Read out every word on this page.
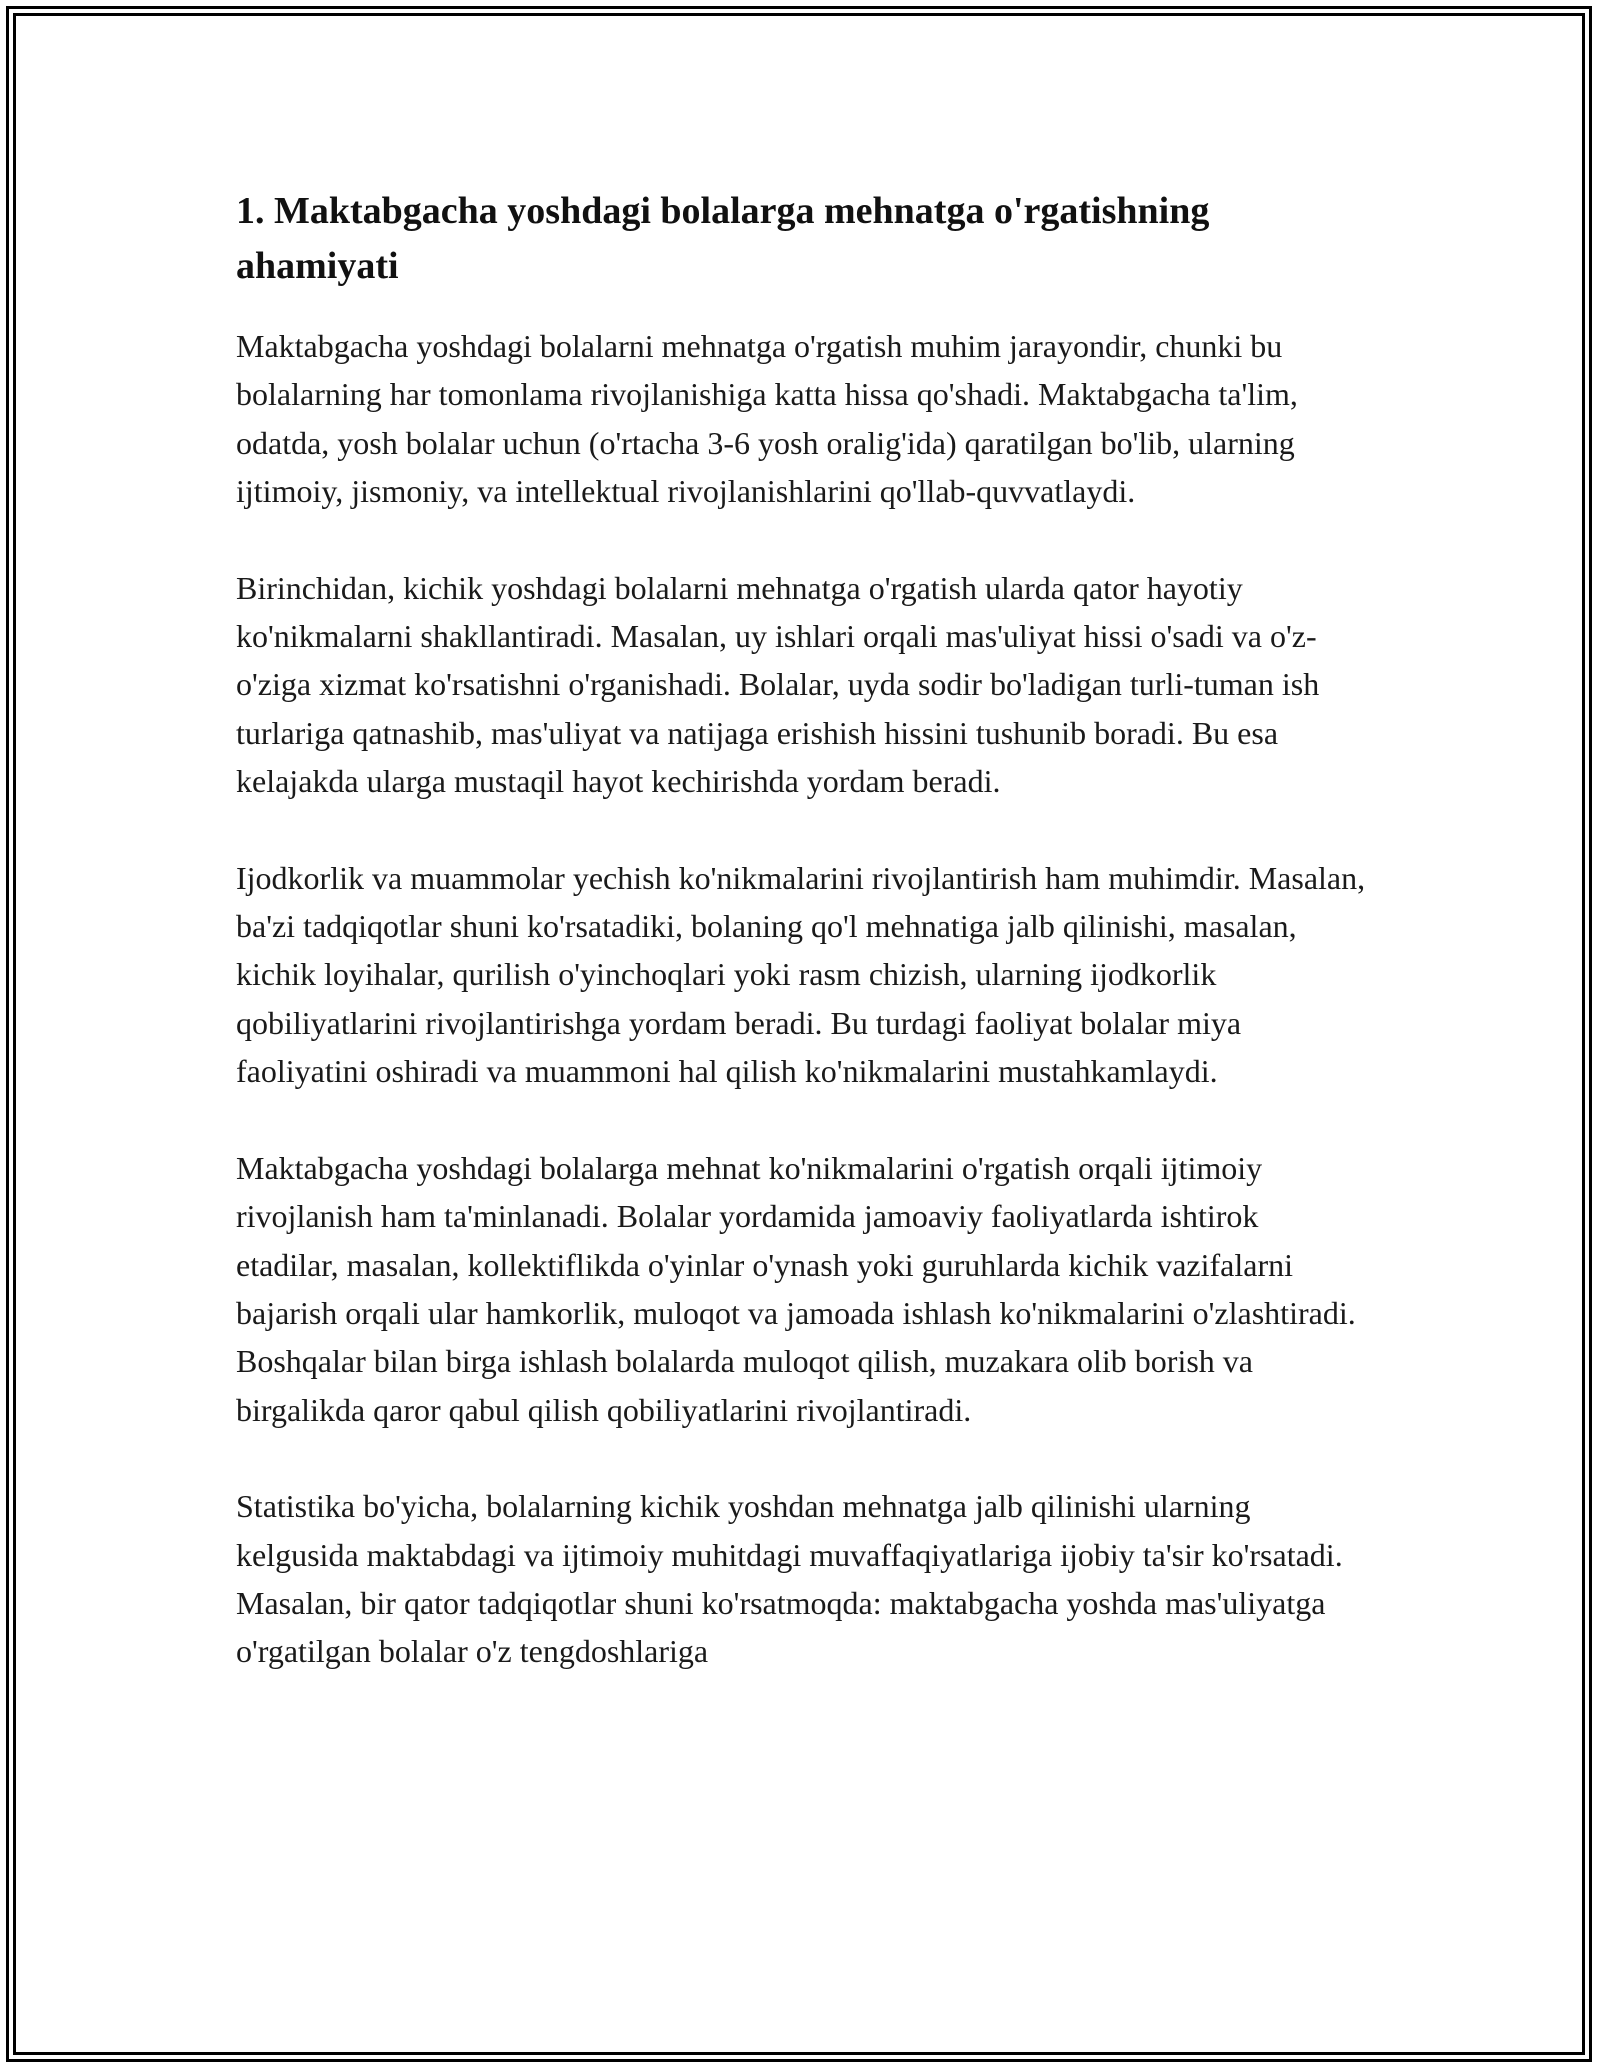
1. Maktabgacha yoshdagi bolalarga mehnatga o'rgatishning ahamiyati

Maktabgacha yoshdagi bolalarni mehnatga o'rgatish muhim jarayondir, chunki bu bolalarning har tomonlama rivojlanishiga katta hissa qo'shadi. Maktabgacha ta'lim, odatda, yosh bolalar uchun (o'rtacha 3-6 yosh oralig'ida) qaratilgan bo'lib, ularning ijtimoiy, jismoniy, va intellektual rivojlanishlarini qo'llab-quvvatlaydi.

Birinchidan, kichik yoshdagi bolalarni mehnatga o'rgatish ularda qator hayotiy ko'nikmalarni shakllantiradi. Masalan, uy ishlari orqali mas'uliyat hissi o'sadi va o'z-o'ziga xizmat ko'rsatishni o'rganishadi. Bolalar, uyda sodir bo'ladigan turli-tuman ish turlariga qatnashib, mas'uliyat va natijaga erishish hissini tushunib boradi. Bu esa kelajakda ularga mustaqil hayot kechirishda yordam beradi.

Ijodkorlik va muammolar yechish ko'nikmalarini rivojlantirish ham muhimdir. Masalan, ba'zi tadqiqotlar shuni ko'rsatadiki, bolaning qo'l mehnatiga jalb qilinishi, masalan, kichik loyihalar, qurilish o'yinchoqlari yoki rasm chizish, ularning ijodkorlik qobiliyatlarini rivojlantirishga yordam beradi. Bu turdagi faoliyat bolalar miya faoliyatini oshiradi va muammoni hal qilish ko'nikmalarini mustahkamlaydi.

Maktabgacha yoshdagi bolalarga mehnat ko'nikmalarini o'rgatish orqali ijtimoiy rivojlanish ham ta'minlanadi. Bolalar yordamida jamoaviy faoliyatlarda ishtirok etadilar, masalan, kollektiflikda o'yinlar o'ynash yoki guruhlarda kichik vazifalarni bajarish orqali ular hamkorlik, muloqot va jamoada ishlash ko'nikmalarini o'zlashtiradi. Boshqalar bilan birga ishlash bolalarda muloqot qilish, muzakara olib borish va birgalikda qaror qabul qilish qobiliyatlarini rivojlantiradi.

Statistika bo'yicha, bolalarning kichik yoshdan mehnatga jalb qilinishi ularning kelgusida maktabdagi va ijtimoiy muhitdagi muvaffaqiyatlariga ijobiy ta'sir ko'rsatadi. Masalan, bir qator tadqiqotlar shuni ko'rsatmoqda: maktabgacha yoshda mas'uliyatga o'rgatilgan bolalar o'z tengdoshlariga
